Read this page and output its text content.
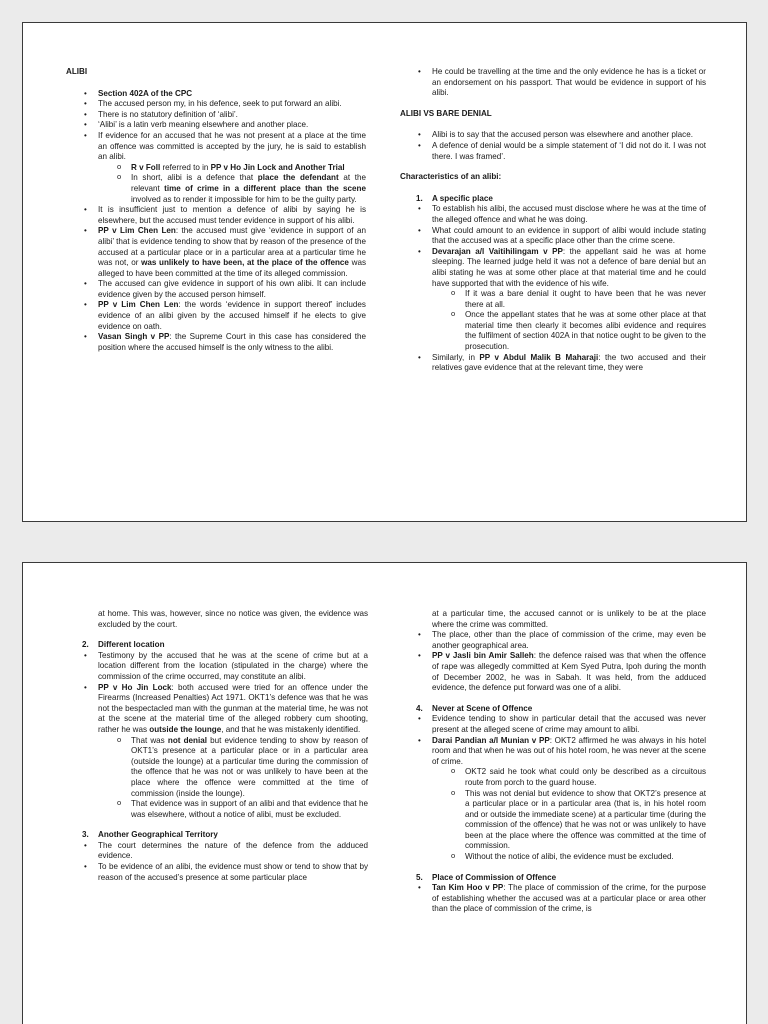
ALIBI
• Section 402A of the CPC
• The accused person my, in his defence, seek to put forward an alibi.
• There is no statutory definition of ‘alibi’.
• ‘Alibi’ is a latin verb meaning elsewhere and another place.
• If evidence for an accused that he was not present at a place at the time an offence was committed is accepted by the jury, he is said to establish an alibi.
o R v Foll referred to in PP v Ho Jin Lock and Another Trial
o In short, alibi is a defence that place the defendant at the relevant time of crime in a different place than the scene involved as to render it impossible for him to be the guilty party.
• It is insufficient just to mention a defence of alibi by saying he is elsewhere, but the accused must tender evidence in support of his alibi.
• PP v Lim Chen Len: the accused must give ‘evidence in support of an alibi’ that is evidence tending to show that by reason of the presence of the accused at a particular place or in a particular area at a particular time he was not, or was unlikely to have been, at the place of the offence was alleged to have been committed at the time of its alleged commission.
• The accused can give evidence in support of his own alibi. It can include evidence given by the accused person himself.
• PP v Lim Chen Len: the words ‘evidence in support thereof’ includes evidence of an alibi given by the accused himself if he elects to give evidence on oath.
• Vasan Singh v PP: the Supreme Court in this case has considered the position where the accused himself is the only witness to the alibi.
• He could be travelling at the time and the only evidence he has is a ticket or an endorsement on his passport. That would be evidence in support of his alibi.
ALIBI VS BARE DENIAL
• Alibi is to say that the accused person was elsewhere and another place.
• A defence of denial would be a simple statement of ‘I did not do it. I was not there. I was framed’.
Characteristics of an alibi:
1. A specific place
• To establish his alibi, the accused must disclose where he was at the time of the alleged offence and what he was doing.
• What could amount to an evidence in support of alibi would include stating that the accused was at a specific place other than the crime scene.
• Devarajan a/l Vaitihilingam v PP: the appellant said he was at home sleeping. The learned judge held it was not a defence of bare denial but an alibi stating he was at some other place at that material time and he could have supported that with the evidence of his wife.
o If it was a bare denial it ought to have been that he was never there at all.
o Once the appellant states that he was at some other place at that material time then clearly it becomes alibi evidence and requires the fulfilment of section 402A in that notice ought to be given to the prosecution.
• Similarly, in PP v Abdul Malik B Maharaji: the two accused and their relatives gave evidence that at the relevant time, they were
at home. This was, however, since no notice was given, the evidence was excluded by the court.
2. Different location
• Testimony by the accused that he was at the scene of crime but at a location different from the location (stipulated in the charge) where the commission of the crime occurred, may constitute an alibi.
• PP v Ho Jin Lock: both accused were tried for an offence under the Firearms (Increased Penalties) Act 1971. OKT1’s defence was that he was not the bespectacled man with the gunman at the material time, he was not at the scene at the material time of the alleged robbery cum shooting, rather he was outside the lounge, and that he was mistakenly identified.
o That was not denial but evidence tending to show by reason of OKT1’s presence at a particular place or in a particular area (outside the lounge) at a particular time during the commission of the offence that he was not or was unlikely to have been at the place where the offence were committed at the time of commission (inside the lounge).
o That evidence was in support of an alibi and that evidence that he was elsewhere, without a notice of alibi, must be excluded.
3. Another Geographical Territory
• The court determines the nature of the defence from the adduced evidence.
• To be evidence of an alibi, the evidence must show or tend to show that by reason of the accused’s presence at some particular place
at a particular time, the accused cannot or is unlikely to be at the place where the crime was committed.
• The place, other than the place of commission of the crime, may even be another geographical area.
• PP v Jasli bin Amir Salleh: the defence raised was that when the offence of rape was allegedly committed at Kem Syed Putra, Ipoh during the month of December 2002, he was in Sabah. It was held, from the adduced evidence, the defence put forward was one of a alibi.
4. Never at Scene of Offence
• Evidence tending to show in particular detail that the accused was never present at the alleged scene of crime may amount to alibi.
• Darai Pandian a/l Munian v PP: OKT2 affirmed he was always in his hotel room and that when he was out of his hotel room, he was never at the scene of crime.
o OKT2 said he took what could only be described as a circuitous route from porch to the guard house.
o This was not denial but evidence to show that OKT2’s presence at a particular place or in a particular area (that is, in his hotel room and or outside the immediate scene) at a particular time (during the commission of the offence) that he was not or was unlikely to have been at the place where the offence was committed at the time of commission.
o Without the notice of alibi, the evidence must be excluded.
5. Place of Commission of Offence
• Tan Kim Hoo v PP: The place of commission of the crime, for the purpose of establishing whether the accused was at a particular place or area other than the place of commission of the crime, is
